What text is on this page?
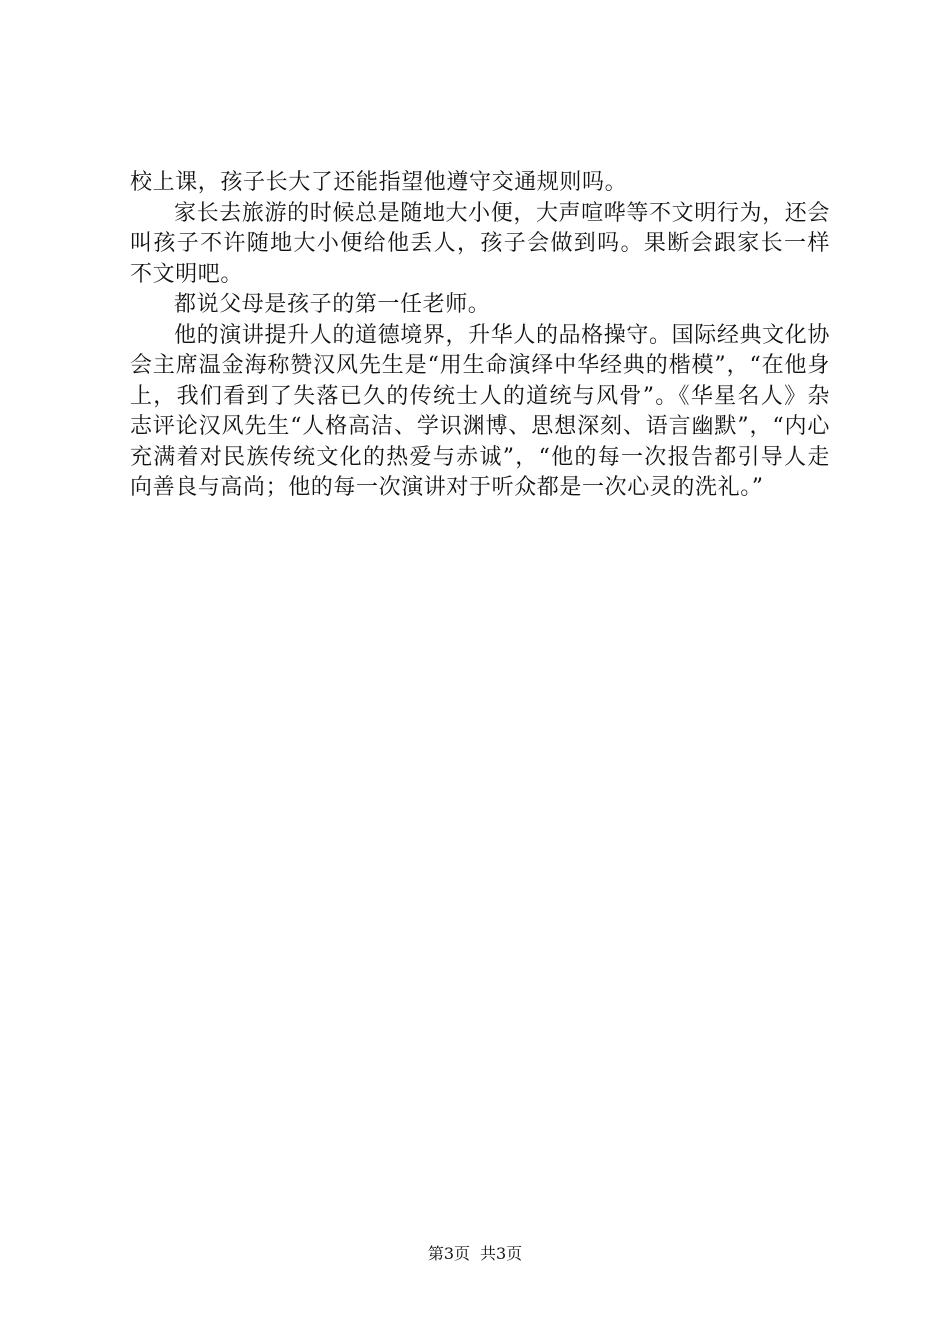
校上课，孩子长大了还能指望他遵守交通规则吗。

家长去旅游的时候总是随地大小便，大声喧哗等不文明行为，还会叫孩子不许随地大小便给他丢人，孩子会做到吗。果断会跟家长一样不文明吧。

都说父母是孩子的第一任老师。

他的演讲提升人的道德境界，升华人的品格操守。国际经典文化协会主席温金海称赞汉风先生是“用生命演绎中华经典的楷模”，“在他身上，我们看到了失落已久的传统士人的道统与风骨”。《华星名人》杂志评论汉风先生“人格高洁、学识渊博、思想深刻、语言幽默”，“内心充满着对民族传统文化的热爱与赤诚”，“他的每一次报告都引导人走向善良与高尚；他的每一次演讲对于听众都是一次心灵的洗礼。”

第3页 共3页
